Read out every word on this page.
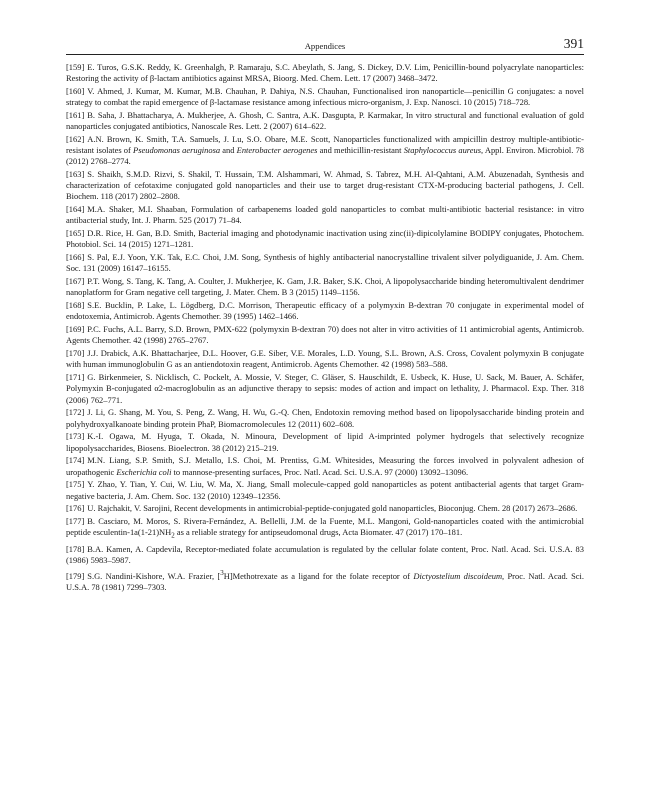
Appendices	391

[159] E. Turos, G.S.K. Reddy, K. Greenhalgh, P. Ramaraju, S.C. Abeylath, S. Jang, S. Dickey, D.V. Lim, Penicillin-bound polyacrylate nanoparticles: Restoring the activity of β-lactam antibiotics against MRSA, Bioorg. Med. Chem. Lett. 17 (2007) 3468–3472.

[160] V. Ahmed, J. Kumar, M. Kumar, M.B. Chauhan, P. Dahiya, N.S. Chauhan, Functionalised iron nanoparticle—penicillin G conjugates: a novel strategy to combat the rapid emergence of β-lactamase resistance among infectious micro-organism, J. Exp. Nanosci. 10 (2015) 718–728.

[161] B. Saha, J. Bhattacharya, A. Mukherjee, A. Ghosh, C. Santra, A.K. Dasgupta, P. Karmakar, In vitro structural and functional evaluation of gold nanoparticles conjugated antibiotics, Nanoscale Res. Lett. 2 (2007) 614–622.

[162] A.N. Brown, K. Smith, T.A. Samuels, J. Lu, S.O. Obare, M.E. Scott, Nanoparticles functionalized with ampicillin destroy multiple-antibiotic-resistant isolates of Pseudomonas aeruginosa and Enterobacter aerogenes and methicillin-resistant Staphylococcus aureus, Appl. Environ. Microbiol. 78 (2012) 2768–2774.

[163] S. Shaikh, S.M.D. Rizvi, S. Shakil, T. Hussain, T.M. Alshammari, W. Ahmad, S. Tabrez, M.H. Al-Qahtani, A.M. Abuzenadah, Synthesis and characterization of cefotaxime conjugated gold nanoparticles and their use to target drug-resistant CTX-M-producing bacterial pathogens, J. Cell. Biochem. 118 (2017) 2802–2808.

[164] M.A. Shaker, M.I. Shaaban, Formulation of carbapenems loaded gold nanoparticles to combat multi-antibiotic bacterial resistance: in vitro antibacterial study, Int. J. Pharm. 525 (2017) 71–84.

[165] D.R. Rice, H. Gan, B.D. Smith, Bacterial imaging and photodynamic inactivation using zinc(ii)-dipicolylamine BODIPY conjugates, Photochem. Photobiol. Sci. 14 (2015) 1271–1281.

[166] S. Pal, E.J. Yoon, Y.K. Tak, E.C. Choi, J.M. Song, Synthesis of highly antibacterial nanocrystalline trivalent silver polydiguanide, J. Am. Chem. Soc. 131 (2009) 16147–16155.

[167] P.T. Wong, S. Tang, K. Tang, A. Coulter, J. Mukherjee, K. Gam, J.R. Baker, S.K. Choi, A lipopolysaccharide binding heteromultivalent dendrimer nanoplatform for Gram negative cell targeting, J. Mater. Chem. B 3 (2015) 1149–1156.

[168] S.E. Bucklin, P. Lake, L. Lögdberg, D.C. Morrison, Therapeutic efficacy of a polymyxin B-dextran 70 conjugate in experimental model of endotoxemia, Antimicrob. Agents Chemother. 39 (1995) 1462–1466.

[169] P.C. Fuchs, A.L. Barry, S.D. Brown, PMX-622 (polymyxin B-dextran 70) does not alter in vitro activities of 11 antimicrobial agents, Antimicrob. Agents Chemother. 42 (1998) 2765–2767.

[170] J.J. Drabick, A.K. Bhattacharjee, D.L. Hoover, G.E. Siber, V.E. Morales, L.D. Young, S.L. Brown, A.S. Cross, Covalent polymyxin B conjugate with human immunoglobulin G as an antiendotoxin reagent, Antimicrob. Agents Chemother. 42 (1998) 583–588.

[171] G. Birkenmeier, S. Nicklisch, C. Pockelt, A. Mossie, V. Steger, C. Gläser, S. Hauschildt, E. Usbeck, K. Huse, U. Sack, M. Bauer, A. Schäfer, Polymyxin B-conjugated α2-macroglobulin as an adjunctive therapy to sepsis: modes of action and impact on lethality, J. Pharmacol. Exp. Ther. 318 (2006) 762–771.

[172] J. Li, G. Shang, M. You, S. Peng, Z. Wang, H. Wu, G.-Q. Chen, Endotoxin removing method based on lipopolysaccharide binding protein and polyhydroxyalkanoate binding protein PhaP, Biomacromolecules 12 (2011) 602–608.

[173] K.-I. Ogawa, M. Hyuga, T. Okada, N. Minoura, Development of lipid A-imprinted polymer hydrogels that selectively recognize lipopolysaccharides, Biosens. Bioelectron. 38 (2012) 215–219.

[174] M.N. Liang, S.P. Smith, S.J. Metallo, I.S. Choi, M. Prentiss, G.M. Whitesides, Measuring the forces involved in polyvalent adhesion of uropathogenic Escherichia coli to mannose-presenting surfaces, Proc. Natl. Acad. Sci. U.S.A. 97 (2000) 13092–13096.

[175] Y. Zhao, Y. Tian, Y. Cui, W. Liu, W. Ma, X. Jiang, Small molecule-capped gold nanoparticles as potent antibacterial agents that target Gram-negative bacteria, J. Am. Chem. Soc. 132 (2010) 12349–12356.

[176] U. Rajchakit, V. Sarojini, Recent developments in antimicrobial-peptide-conjugated gold nanoparticles, Bioconjug. Chem. 28 (2017) 2673–2686.

[177] B. Casciaro, M. Moros, S. Rivera-Fernández, A. Bellelli, J.M. de la Fuente, M.L. Mangoni, Gold-nanoparticles coated with the antimicrobial peptide esculentin-$1a(1-21)NH_2$ as a reliable strategy for antipseudomonal drugs, Acta Biomater. 47 (2017) 170–181.

[178] B.A. Kamen, A. Capdevila, Receptor-mediated folate accumulation is regulated by the cellular folate content, Proc. Natl. Acad. Sci. U.S.A. 83 (1986) 5983–5987.

[179] S.G. Nandini-Kishore, W.A. Frazier, [$^3$H]Methotrexate as a ligand for the folate receptor of Dictyostelium discoideum, Proc. Natl. Acad. Sci. U.S.A. 78 (1981) 7299–7303.
